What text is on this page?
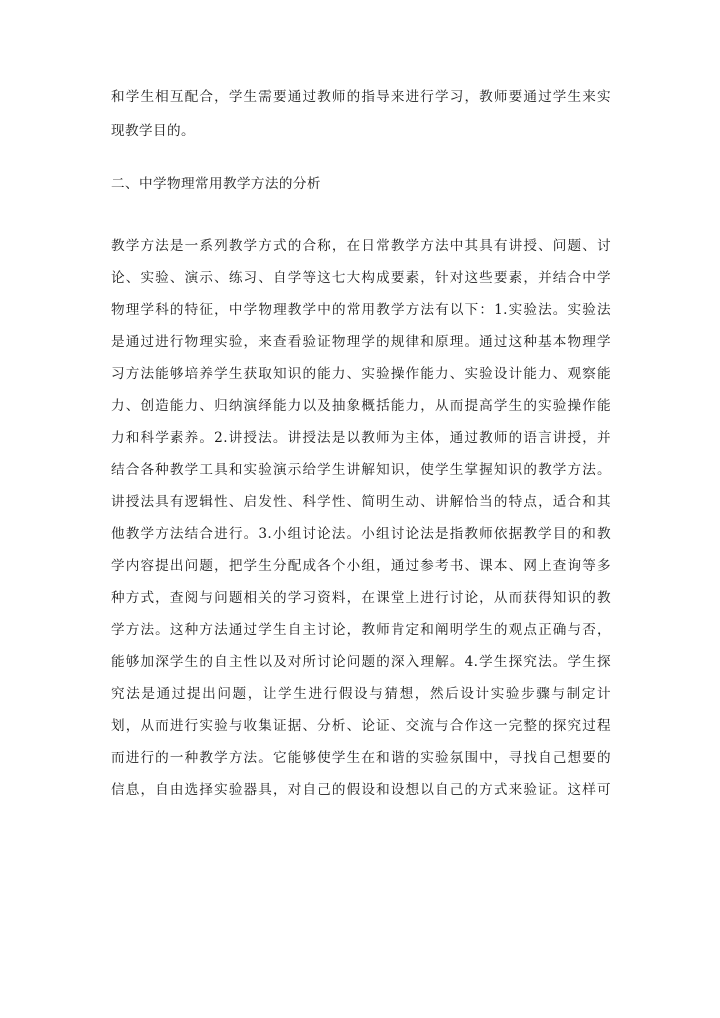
和学生相互配合，学生需要通过教师的指导来进行学习，教师要通过学生来实
现教学目的。
二、中学物理常用教学方法的分析
教学方法是一系列教学方式的合称，在日常教学方法中其具有讲授、问题、讨
论、实验、演示、练习、自学等这七大构成要素，针对这些要素，并结合中学
物理学科的特征，中学物理教学中的常用教学方法有以下：1.实验法。实验法
是通过进行物理实验，来查看验证物理学的规律和原理。通过这种基本物理学
习方法能够培养学生获取知识的能力、实验操作能力、实验设计能力、观察能
力、创造能力、归纳演绎能力以及抽象概括能力，从而提高学生的实验操作能
力和科学素养。2.讲授法。讲授法是以教师为主体，通过教师的语言讲授，并
结合各种教学工具和实验演示给学生讲解知识，使学生掌握知识的教学方法。
讲授法具有逻辑性、启发性、科学性、简明生动、讲解恰当的特点，适合和其
他教学方法结合进行。3.小组讨论法。小组讨论法是指教师依据教学目的和教
学内容提出问题，把学生分配成各个小组，通过参考书、课本、网上查询等多
种方式，查阅与问题相关的学习资料，在课堂上进行讨论，从而获得知识的教
学方法。这种方法通过学生自主讨论，教师肯定和阐明学生的观点正确与否，
能够加深学生的自主性以及对所讨论问题的深入理解。4.学生探究法。学生探
究法是通过提出问题，让学生进行假设与猜想，然后设计实验步骤与制定计
划，从而进行实验与收集证据、分析、论证、交流与合作这一完整的探究过程
而进行的一种教学方法。它能够使学生在和谐的实验氛围中，寻找自己想要的
信息，自由选择实验器具，对自己的假设和设想以自己的方式来验证。这样可
